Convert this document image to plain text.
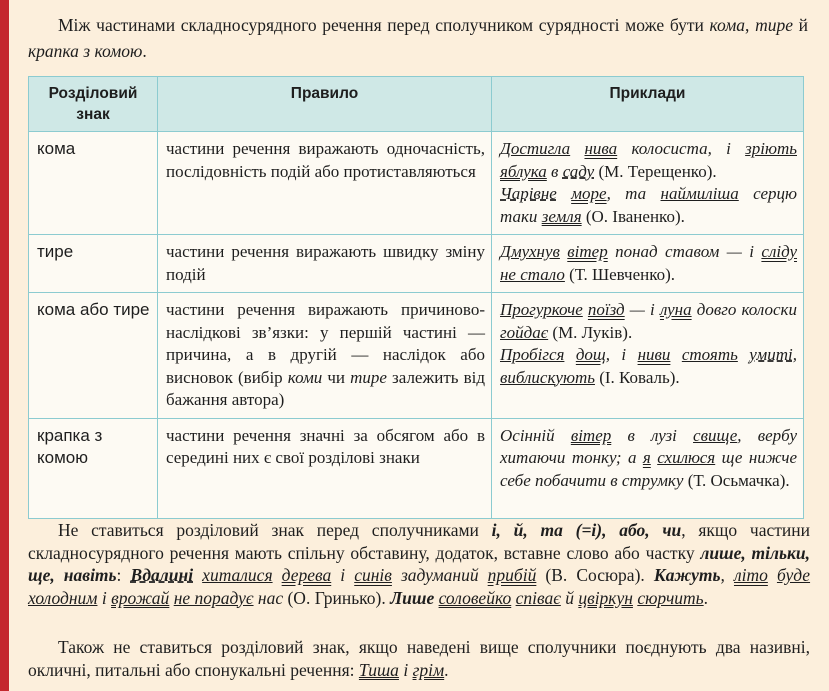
Між частинами складносурядного речення перед сполучником сурядності може бути кома, тире й крапка з комою.
Розділовий знак	Правило	Приклади
кома	частини речення виражають одночасність, послідовність подій або протиставляються	Достигла нива колосиста, і зріють яблука в саду (М. Терещенко).
Чарівне море, та наймиліша серцю таки земля (О. Іваненко).
тире	частини речення виражають швидку зміну подій	Дмухнув вітер понад ставом — і сліду не стало (Т. Шевченко).
кома або тире	частини речення виражають причиново-наслідкові зв’язки: у першій частині — причина, а в другій — наслідок або висновок (вибір коми чи тире залежить від бажання автора)	Прогуркоче поїзд — і луна довго колоски гойдає (М. Луків).
Пробігся дощ, і ниви стоять умиті, виблискують (І. Коваль).
крапка з комою	частини речення значні за обсягом або в середині них є свої розділові знаки	Осінній вітер в лузі свище, вербу хитаючи тонку; а я схилюся ще нижче себе побачити в струмку (Т. Осьмачка).
Не ставиться розділовий знак перед сполучниками і, й, та (=і), або, чи, якщо частини складносурядного речення мають спільну обставину, додаток, вставне слово або частку лише, тільки, ще, навіть: Вдалині хиталися дерева і синів задуманий прибій (В. Сосюра). Кажуть, літо буде холодним і врожай не порадує нас (О. Гринько). Лише соловейко співає й цвіркун сюрчить.
Також не ставиться розділовий знак, якщо наведені вище сполучники поєднують два називні, окличні, питальні або спонукальні речення: Тиша і грім.
